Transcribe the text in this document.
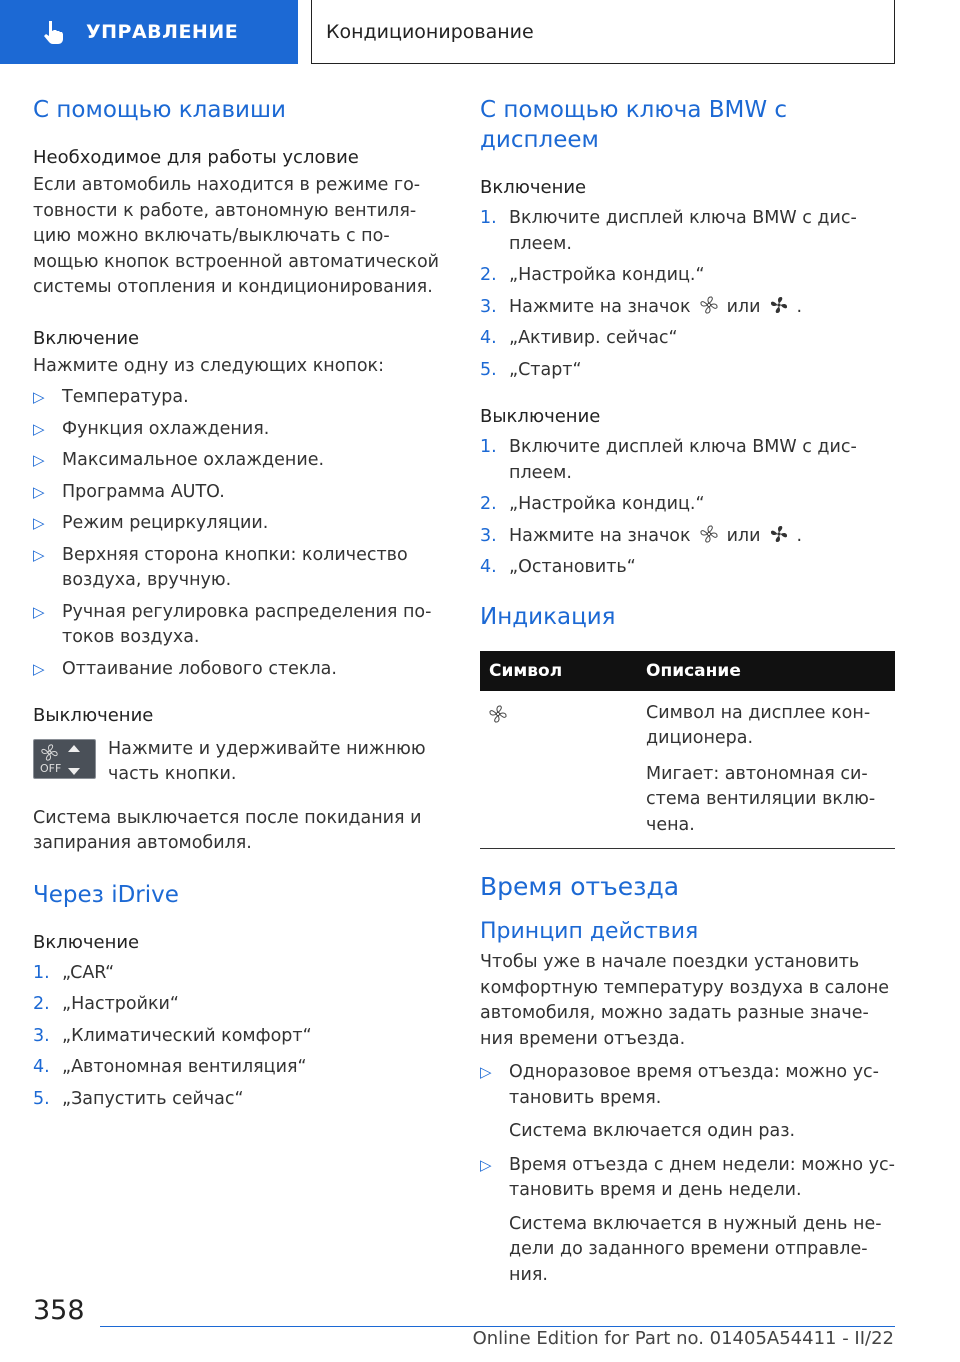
УПРАВЛЕНИЕ	Кондиционирование
С помощью клавиши
Необходимое для работы условие
Если автомобиль находится в режиме го-товности к работе, автономную вентиля-цию можно включать/выключать с по-мощью кнопок встроенной автоматической системы отопления и кондиционирования.
Включение
Нажмите одну из следующих кнопок:
▷ Температура.
▷ Функция охлаждения.
▷ Максимальное охлаждение.
▷ Программа AUTO.
▷ Режим рециркуляции.
▷ Верхняя сторона кнопки: количество воздуха, вручную.
▷ Ручная регулировка распределения по-токов воздуха.
▷ Оттаивание лобового стекла.
Выключение
OFF
Нажмите и удерживайте нижнюю часть кнопки.
Система выключается после покидания и запирания автомобиля.
Через iDrive
Включение
1. „CAR“
2. „Настройки“
3. „Климатический комфорт“
4. „Автономная вентиляция“
5. „Запустить сейчас“
С помощью ключа BMW с дисплеем
Включение
1. Включите дисплей ключа BMW с дис-плеем.
2. „Настройка кондиц.“
3. Нажмите на значок или .
4. „Активир. сейчас“
5. „Старт“
Выключение
1. Включите дисплей ключа BMW с дис-плеем.
2. „Настройка кондиц.“
3. Нажмите на значок или .
4. „Остановить“
Индикация
Символ	Описание

Символ на дисплее кон-диционера.
Мигает: автономная си-стема вентиляции вклю-чена.
Время отъезда
Принцип действия
Чтобы уже в начале поездки установить комфортную температуру воздуха в салоне автомобиля, можно задать разные значе-ния времени отъезда.
▷ Одноразовое время отъезда: можно ус-тановить время.
Система включается один раз.
▷ Время отъезда с днем недели: можно ус-тановить время и день недели.
Система включается в нужный день не-дели до заданного времени отправле-ния.
358
Online Edition for Part no. 01405A54411 - II/22
